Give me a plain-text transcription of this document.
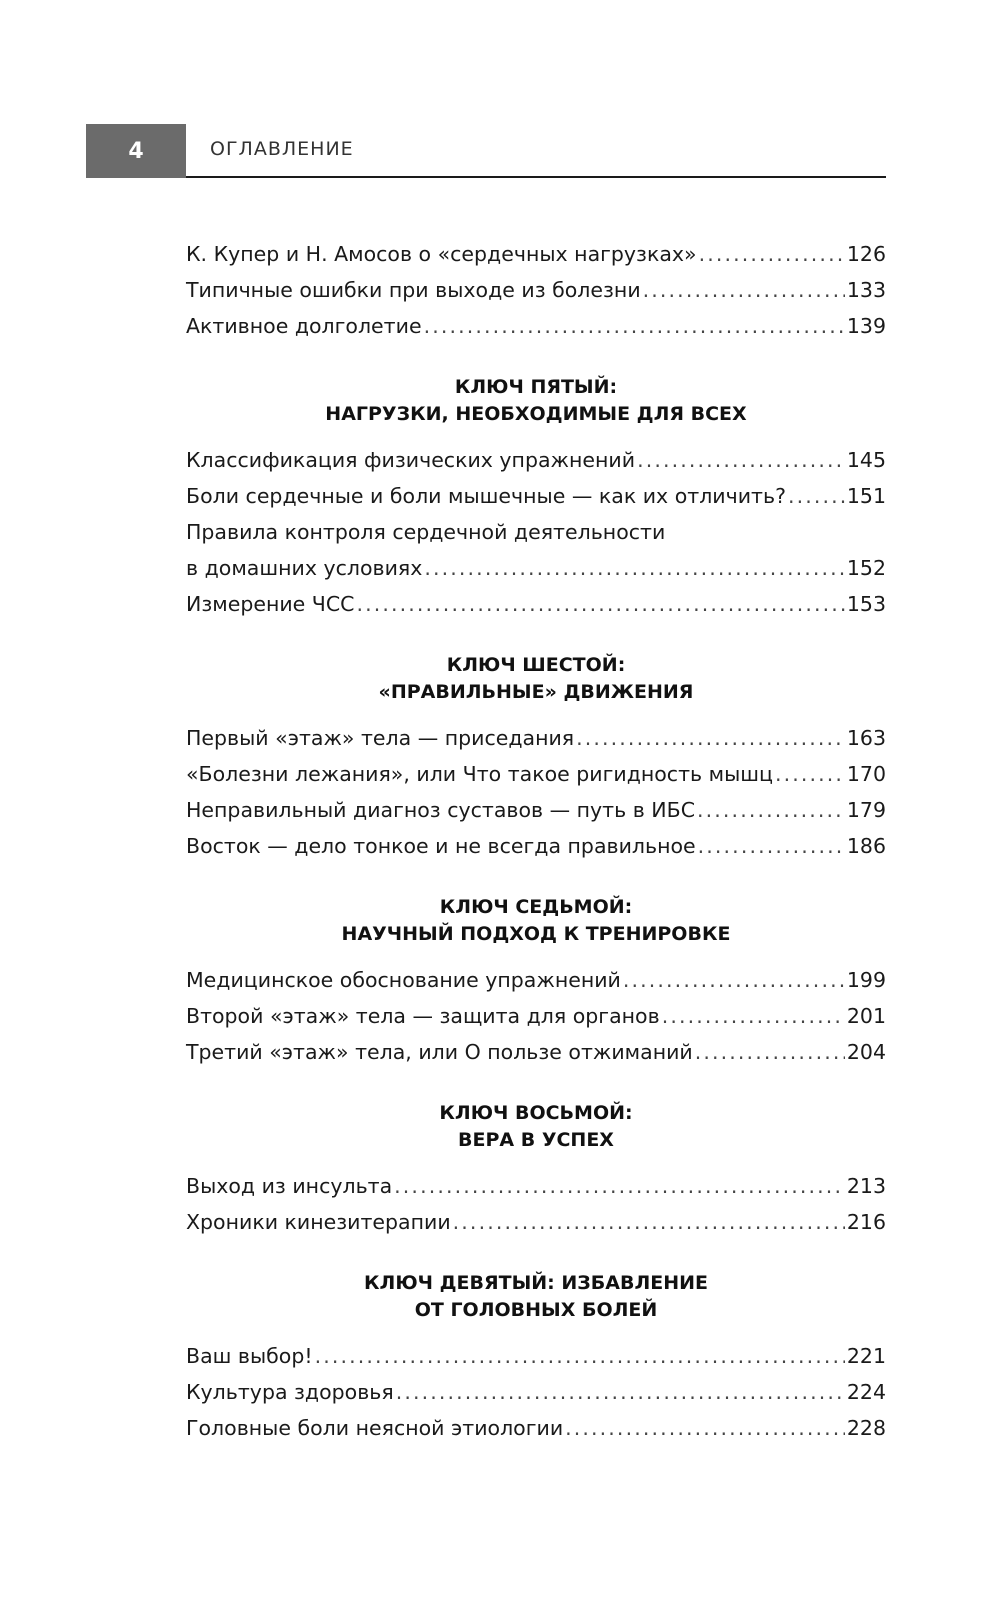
4	ОГЛАВЛЕНИЕ
К. Купер и Н. Амосов о «сердечных нагрузках» . . .	126
Типичные ошибки при выходе из болезни . . .	133
Активное долголетие . . .	139

КЛЮЧ ПЯТЫЙ:
НАГРУЗКИ, НЕОБХОДИМЫЕ ДЛЯ ВСЕХ

Классификация физических упражнений . . .	145
Боли сердечные и боли мышечные — как их отличить? . . .	151
Правила контроля сердечной деятельности
в домашних условиях . . .	152
Измерение ЧСС . . .	153

КЛЮЧ ШЕСТОЙ:
«ПРАВИЛЬНЫЕ» ДВИЖЕНИЯ

Первый «этаж» тела — приседания . . .	163
«Болезни лежания», или Что такое ригидность мышц . . .	170
Неправильный диагноз суставов — путь в ИБС . . .	179
Восток — дело тонкое и не всегда правильное . . .	186

КЛЮЧ СЕДЬМОЙ:
НАУЧНЫЙ ПОДХОД К ТРЕНИРОВКЕ

Медицинское обоснование упражнений . . .	199
Второй «этаж» тела — защита для органов . . .	201
Третий «этаж» тела, или О пользе отжиманий . . .	204

КЛЮЧ ВОСЬМОЙ:
ВЕРА В УСПЕХ

Выход из инсульта . . .	213
Хроники кинезитерапии . . .	216

КЛЮЧ ДЕВЯТЫЙ: ИЗБАВЛЕНИЕ
ОТ ГОЛОВНЫХ БОЛЕЙ

Ваш выбор! . . .	221
Культура здоровья . . .	224
Головные боли неясной этиологии . . .	228
